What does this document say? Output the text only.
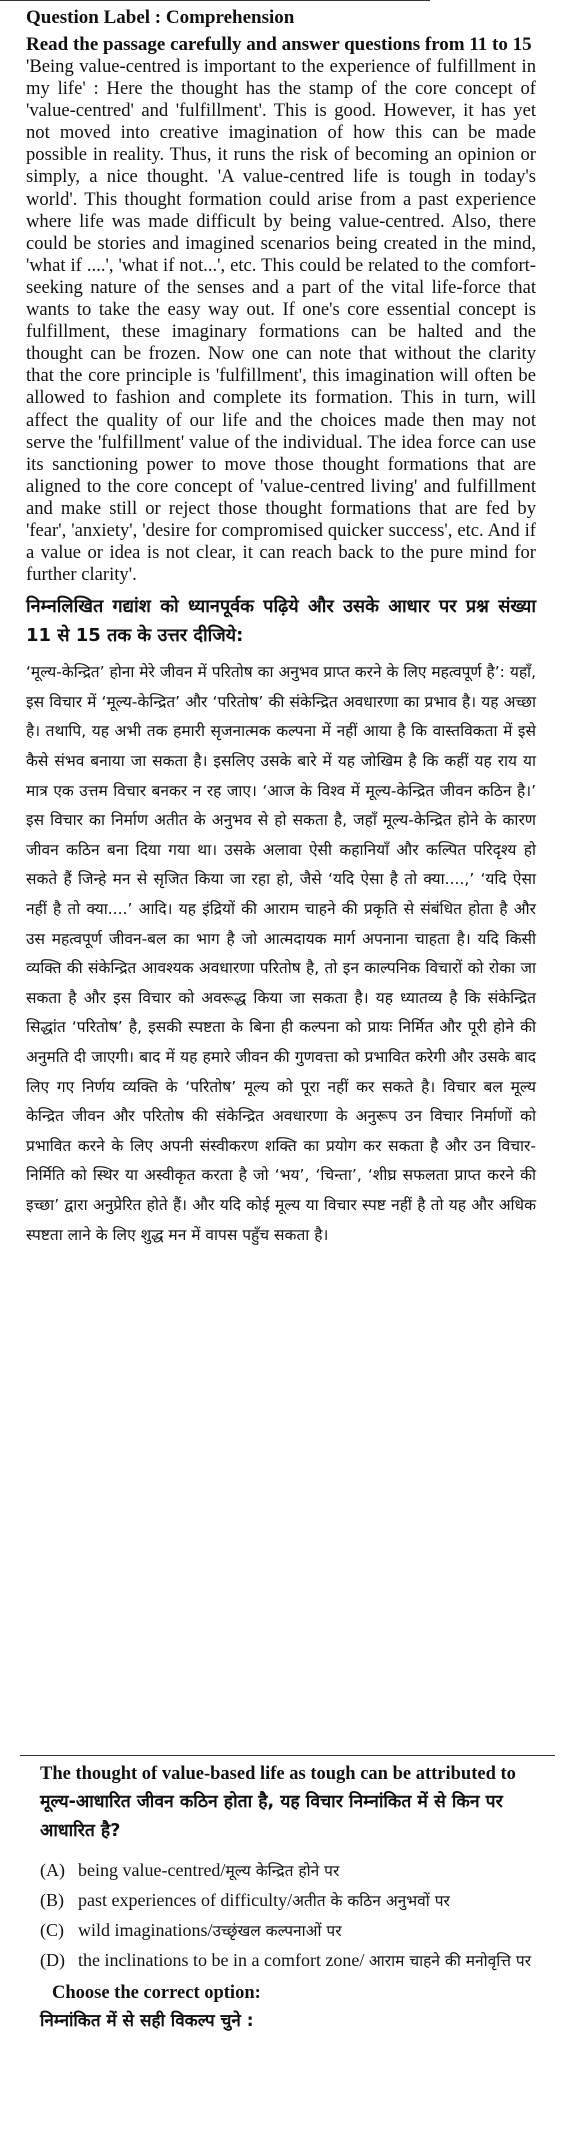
Question Label : Comprehension

Read the passage carefully and answer questions from 11 to 15

'Being value-centred is important to the experience of fulfillment in my life' : Here the thought has the stamp of the core concept of 'value-centred' and 'fulfillment'. This is good. However, it has yet not moved into creative imagination of how this can be made possible in reality. Thus, it runs the risk of becoming an opinion or simply, a nice thought. 'A value-centred life is tough in today's world'. This thought formation could arise from a past experience where life was made difficult by being value-centred. Also, there could be stories and imagined scenarios being created in the mind, 'what if ....', 'what if not...', etc. This could be related to the comfort-seeking nature of the senses and a part of the vital life-force that wants to take the easy way out. If one's core essential concept is fulfillment, these imaginary formations can be halted and the thought can be frozen. Now one can note that without the clarity that the core principle is 'fulfillment', this imagination will often be allowed to fashion and complete its formation. This in turn, will affect the quality of our life and the choices made then may not serve the 'fulfillment' value of the individual. The idea force can use its sanctioning power to move those thought formations that are aligned to the core concept of 'value-centred living' and fulfillment and make still or reject those thought formations that are fed by 'fear', 'anxiety', 'desire for compromised quicker success', etc. And if a value or idea is not clear, it can reach back to the pure mind for further clarity'.

निम्नलिखित गद्यांश को ध्यानपूर्वक पढ़िये और उसके आधार पर प्रश्न संख्या 11 से 15 तक के उत्तर दीजिये:

‘मूल्य-केन्द्रित’ होना मेरे जीवन में परितोष का अनुभव प्राप्त करने के लिए महत्वपूर्ण है’: यहाँ, इस विचार में ‘मूल्य-केन्द्रित’ और ‘परितोष’ की संकेन्द्रित अवधारणा का प्रभाव है। यह अच्छा है। तथापि, यह अभी तक हमारी सृजनात्मक कल्पना में नहीं आया है कि वास्तविकता में इसे कैसे संभव बनाया जा सकता है। इसलिए उसके बारे में यह जोखिम है कि कहीं यह राय या मात्र एक उत्तम विचार बनकर न रह जाए। ‘आज के विश्व में मूल्य-केन्द्रित जीवन कठिन है।’ इस विचार का निर्माण अतीत के अनुभव से हो सकता है, जहाँ मूल्य-केन्द्रित होने के कारण जीवन कठिन बना दिया गया था। उसके अलावा ऐसी कहानियाँ और कल्पित परिदृश्य हो सकते हैं जिन्हे मन से सृजित किया जा रहा हो, जैसे ‘यदि ऐसा है तो क्या....,’ ‘यदि ऐसा नहीं है तो क्या....’ आदि। यह इंद्रियों की आराम चाहने की प्रकृति से संबंधित होता है और उस महत्वपूर्ण जीवन-बल का भाग है जो आत्मदायक मार्ग अपनाना चाहता है। यदि किसी व्यक्ति की संकेन्द्रित आवश्यक अवधारणा परितोष है, तो इन काल्पनिक विचारों को रोका जा सकता है और इस विचार को अवरूद्ध किया जा सकता है। यह ध्यातव्य है कि संकेन्द्रित सिद्धांत ‘परितोष’ है, इसकी स्पष्टता के बिना ही कल्पना को प्रायः निर्मित और पूरी होने की अनुमति दी जाएगी। बाद में यह हमारे जीवन की गुणवत्ता को प्रभावित करेगी और उसके बाद लिए गए निर्णय व्यक्ति के ‘परितोष’ मूल्य को पूरा नहीं कर सकते है। विचार बल मूल्य केन्द्रित जीवन और परितोष की संकेन्द्रित अवधारणा के अनुरूप उन विचार निर्माणों को प्रभावित करने के लिए अपनी संस्वीकरण शक्ति का प्रयोग कर सकता है और उन विचार-निर्मिति को स्थिर या अस्वीकृत करता है जो ‘भय’, ‘चिन्ता’, ‘शीघ्र सफलता प्राप्त करने की इच्छा’ द्वारा अनुप्रेरित होते हैं। और यदि कोई मूल्य या विचार स्पष्ट नहीं है तो यह और अधिक स्पष्टता लाने के लिए शुद्ध मन में वापस पहुँच सकता है।

The thought of value-based life as tough can be attributed to

मूल्य-आधारित जीवन कठिन होता है, यह विचार निम्नांकित में से किन पर आधारित है?

(A) being value-centred/मूल्य केन्द्रित होने पर
(B) past experiences of difficulty/अतीत के कठिन अनुभवों पर
(C) wild imaginations/उच्छृंखल कल्पनाओं पर
(D) the inclinations to be in a comfort zone/ आराम चाहने की मनोवृत्ति पर

Choose the correct option:

निम्नांकित में से सही विकल्प चुने :
